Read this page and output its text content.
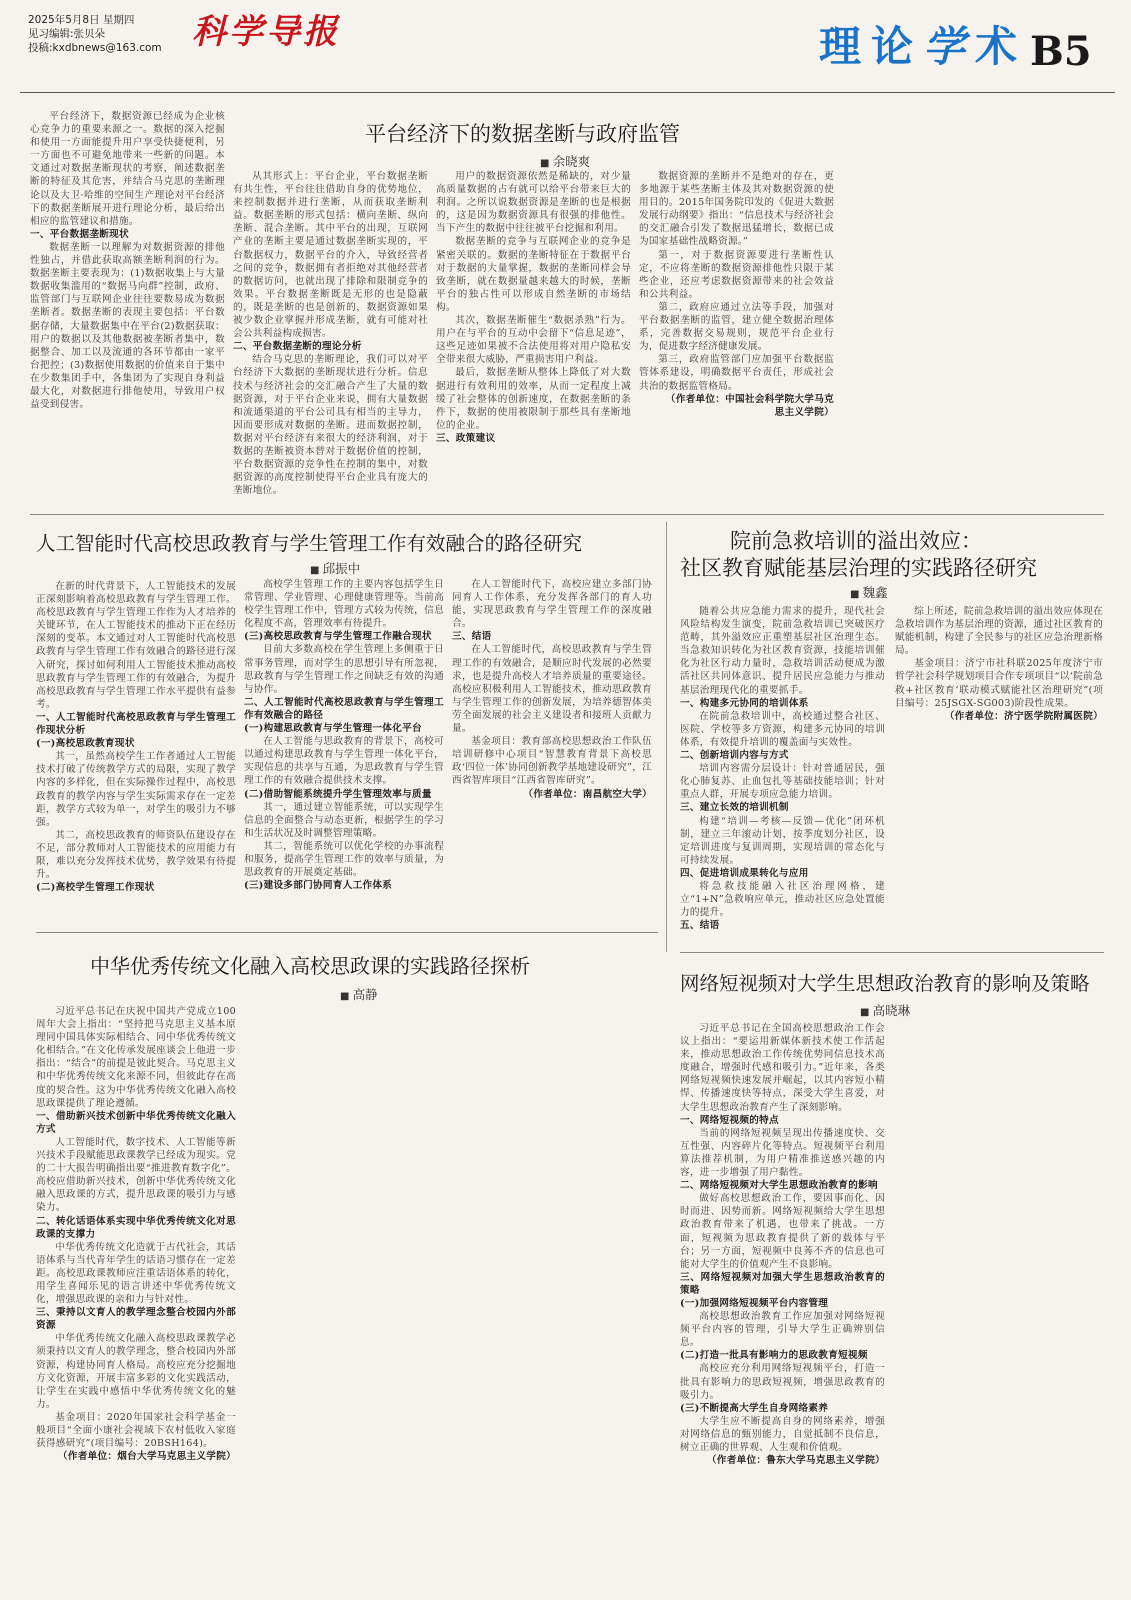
2025年5月8日 星期四
见习编辑:张贝朵
投稿:kxdbnews@163.com 科学导报	理 论 学 术 B5
平台经济下的数据垄断与政府监管
■ 余晓爽

平台经济下，数据资源已经成为企业核心竞争力的重要来源之一。数据的深入挖掘和使用一方面能提升用户享受快捷便利，另一方面也不可避免地带来一些新的问题。本文通过对数据垄断现状的考察，阐述数据垄断的特征及其危害，并结合马克思的垄断理论以及大卫·哈维的空间生产理论对平台经济下的数据垄断展开进行理论分析，最后给出相应的监管建议和措施。

一、平台数据垄断现状

数据垄断一以理解为对数据资源的排他性独占，并借此获取高额垄断利润的行为。数据垄断主要表现为：(1)数据收集上与大量数据收集滥用的“数据马向群”控制，政府、监管部门与互联网企业往往要数易成为数据垄断者。数据垄断的表现主要包括：平台数据存储，大量数据集中在平台(2)数据获取：用户的数据以及其他数据被垄断者集中，数据整合、加工以及流通的各环节都由一家平台把控；(3)数据使用数据的价值来自于集中在少数集团手中，各集团为了实现自身利益最大化，对数据进行排他使用，导致用户权益受到侵害。

从其形式上：平台企业，平台数据垄断有共生性，平台往往借助自身的优势地位，来控制数据并进行垄断，从而获取垄断利益。数据垄断的形式包括：横向垄断、纵向垄断、混合垄断。其中平台的出现，互联网产业的垄断主要是通过数据垄断实现的，平台数据权力，数据平台的介入，导致经营者之间的竞争，数据拥有者拒绝对其他经营者的数据访问，也就出现了排除和限制竞争的效果。平台数据垄断既是无形的也是隐蔽的，既是垄断的也是创新的，数据资源如果被少数企业掌握并形成垄断，就有可能对社会公共利益构成损害。

二、平台数据垄断的理论分析

结合马克思的垄断理论，我们可以对平台经济下大数据的垄断现状进行分析。信息技术与经济社会的交汇融合产生了大量的数据资源，对于平台企业来说，拥有大量数据和流通渠道的平台公司具有相当的主导力，因而要形成对数据的垄断。进而数据控制，数据对平台经济有来很大的经济利润，对于数据的垄断被资本替对于数据价值的控制，平台数据资源的竞争性在控制的集中，对数据资源的高度控制使得平台企业具有庞大的垄断地位。

用户的数据资源依然是稀缺的，对少量高质量数据的占有就可以给平台带来巨大的利润。之所以说数据资源是垄断的也是根据的，这是因为数据资源具有很强的排他性。当下产生的数据中往往被平台挖掘和利用。

数据垄断的竞争与互联网企业的竞争是紧密关联的。数据的垄断特征在于数据平台对于数据的大量掌握，数据的垄断同样会导致垄断，就在数据量越来越大的时候，垄断平台的独占性可以形成自然垄断的市场结构。

其次，数据垄断催生“数据杀熟”行为。用户在与平台的互动中会留下“信息足迹”，这些足迹如果被不合法使用将对用户隐私安全带来很大威胁，严重损害用户利益。

最后，数据垄断从整体上降低了对大数据进行有效利用的效率，从而一定程度上减缓了社会整体的创新速度，在数据垄断的条件下，数据的使用被限制于那些具有垄断地位的企业。

三、政策建议

数据资源的垄断并不是绝对的存在，更多地源于某些垄断主体及其对数据资源的使用目的。2015年国务院印发的《促进大数据发展行动纲要》指出：“信息技术与经济社会的交汇融合引发了数据迅猛增长，数据已成为国家基础性战略资源。”

第一，对于数据资源要进行垄断性认定，不应将垄断的数据资源排他性只限于某些企业，还应考虑数据资源带来的社会效益和公共利益。

第二，政府应通过立法等手段，加强对平台数据垄断的监管，建立健全数据治理体系，完善数据交易规则，规范平台企业行为，促进数字经济健康发展。

第三，政府监管部门应加强平台数据监管体系建设，明确数据平台责任，形成社会共治的数据监管格局。

（作者单位：中国社会科学院大学马克思主义学院）

人工智能时代高校思政教育与学生管理工作有效融合的路径研究
■ 邱振中

在新的时代背景下，人工智能技术的发展正深刻影响着高校思政教育与学生管理工作。高校思政教育与学生管理工作作为人才培养的关键环节，在人工智能技术的推动下正在经历深刻的变革。本文通过对人工智能时代高校思政教育与学生管理工作有效融合的路径进行深入研究，探讨如何利用人工智能技术推动高校思政教育与学生管理工作的有效融合，为提升高校思政教育与学生管理工作水平提供有益参考。

一、人工智能时代高校思政教育与学生管理工作现状分析

(一)高校思政教育现状

其一，虽然高校学生工作者通过人工智能技术打破了传统教学方式的局限，实现了教学内容的多样化，但在实际操作过程中，高校思政教育的教学内容与学生实际需求存在一定差距，教学方式较为单一，对学生的吸引力不够强。

其二，高校思政教育的师资队伍建设存在不足，部分教师对人工智能技术的应用能力有限，难以充分发挥技术优势，教学效果有待提升。

(二)高校学生管理工作现状

高校学生管理工作的主要内容包括学生日常管理、学业管理、心理健康管理等。当前高校学生管理工作中，管理方式较为传统，信息化程度不高，管理效率有待提升。

(三)高校思政教育与学生管理工作融合现状

目前大多数高校在学生管理上多侧重于日常事务管理，而对学生的思想引导有所忽视，思政教育与学生管理工作之间缺乏有效的沟通与协作。

二、人工智能时代高校思政教育与学生管理工作有效融合的路径

(一)构建思政教育与学生管理一体化平台

在人工智能与思政教育的背景下，高校可以通过构建思政教育与学生管理一体化平台，实现信息的共享与互通，为思政教育与学生管理工作的有效融合提供技术支撑。

(二)借助智能系统提升学生管理效率与质量

其一，通过建立智能系统，可以实现学生信息的全面整合与动态更新，根据学生的学习和生活状况及时调整管理策略。

其二，智能系统可以优化学校的办事流程和服务，提高学生管理工作的效率与质量，为思政教育的开展奠定基础。

(三)建设多部门协同育人工作体系

在人工智能时代下，高校应建立多部门协同育人工作体系，充分发挥各部门的育人功能，实现思政教育与学生管理工作的深度融合。

三、结语

在人工智能时代，高校思政教育与学生管理工作的有效融合，是顺应时代发展的必然要求，也是提升高校人才培养质量的重要途径。高校应积极利用人工智能技术，推动思政教育与学生管理工作的创新发展，为培养德智体美劳全面发展的社会主义建设者和接班人贡献力量。

基金项目：教育部高校思想政治工作队伍培训研修中心项目“智慧教育背景下高校思政‘四位一体’协同创新教学基地建设研究”，江西省智库项目“江西省智库研究”。

（作者单位：南昌航空大学）

院前急救培训的溢出效应：
社区教育赋能基层治理的实践路径研究
■ 魏鑫

随着公共应急能力需求的提升，现代社会风险结构发生演变，院前急救培训已突破医疗范畴，其外溢效应正重塑基层社区治理生态。当急救知识转化为社区教育资源，技能培训催化为社区行动力量时，急救培训活动便成为激活社区共同体意识、提升居民应急能力与推动基层治理现代化的重要抓手。

一、构建多元协同的培训体系

在院前急救培训中，高校通过整合社区、医院、学校等多方资源，构建多元协同的培训体系，有效提升培训的覆盖面与实效性。

二、创新培训内容与方式

培训内容需分层设计：针对普通居民，强化心肺复苏、止血包扎等基础技能培训；针对重点人群，开展专项应急能力培训。

三、建立长效的培训机制

构建“培训—考核—反馈—优化”闭环机制，建立三年滚动计划，按季度划分社区，设定培训进度与复训周期，实现培训的常态化与可持续发展。

四、促进培训成果转化与应用

将急救技能融入社区治理网格，建立“1+N”急救响应单元，推动社区应急处置能力的提升。

五、结语

综上所述，院前急救培训的溢出效应体现在急救培训作为基层治理的资源，通过社区教育的赋能机制，构建了全民参与的社区应急治理新格局。

基金项目：济宁市社科联2025年度济宁市哲学社会科学规划项目合作专项项目“以‘院前急救+社区教育’联动模式赋能社区治理研究”(项目编号：25JSGX-SG003)阶段性成果。

（作者单位：济宁医学院附属医院）

中华优秀传统文化融入高校思政课的实践路径探析
■ 高静

习近平总书记在庆祝中国共产党成立100周年大会上指出：“坚持把马克思主义基本原理同中国具体实际相结合、同中华优秀传统文化相结合。”在文化传承发展座谈会上他进一步指出：“结合”的前提是彼此契合。马克思主义和中华优秀传统文化来源不同，但彼此存在高度的契合性。这为中华优秀传统文化融入高校思政课提供了理论遵循。

一、借助新兴技术创新中华优秀传统文化融入方式

人工智能时代，数字技术、人工智能等新兴技术手段赋能思政课教学已经成为现实。党的二十大报告明确指出要“推进教育数字化”。高校应借助新兴技术，创新中华优秀传统文化融入思政课的方式，提升思政课的吸引力与感染力。

二、转化话语体系实现中华优秀传统文化对思政课的支撑力

中华优秀传统文化造就于古代社会，其话语体系与当代青年学生的话语习惯存在一定差距。高校思政课教师应注重话语体系的转化，用学生喜闻乐见的语言讲述中华优秀传统文化，增强思政课的亲和力与针对性。

三、秉持以文育人的教学理念整合校园内外部资源

中华优秀传统文化融入高校思政课教学必须秉持以文育人的教学理念，整合校园内外部资源，构建协同育人格局。高校应充分挖掘地方文化资源，开展丰富多彩的文化实践活动，让学生在实践中感悟中华优秀传统文化的魅力。

基金项目：2020年国家社会科学基金一般项目“全面小康社会视域下农村低收入家庭获得感研究”(项目编号：20BSH164)。

（作者单位：烟台大学马克思主义学院）

网络短视频对大学生思想政治教育的影响及策略
■ 高晓琳

习近平总书记在全国高校思想政治工作会议上指出：“要运用新媒体新技术使工作活起来，推动思想政治工作传统优势同信息技术高度融合，增强时代感和吸引力。”近年来，各类网络短视频快速发展并崛起，以其内容短小精悍、传播速度快等特点，深受大学生喜爱，对大学生思想政治教育产生了深刻影响。

一、网络短视频的特点

当前的网络短视频呈现出传播速度快、交互性强、内容碎片化等特点。短视频平台利用算法推荐机制，为用户精准推送感兴趣的内容，进一步增强了用户黏性。

二、网络短视频对大学生思想政治教育的影响

做好高校思想政治工作，要因事而化、因时而进、因势而新。网络短视频给大学生思想政治教育带来了机遇，也带来了挑战。一方面，短视频为思政教育提供了新的载体与平台；另一方面，短视频中良莠不齐的信息也可能对大学生的价值观产生不良影响。

三、网络短视频对加强大学生思想政治教育的策略

(一)加强网络短视频平台内容管理

高校思想政治教育工作应加强对网络短视频平台内容的管理，引导大学生正确辨别信息。

(二)打造一批具有影响力的思政教育短视频

高校应充分利用网络短视频平台，打造一批具有影响力的思政短视频，增强思政教育的吸引力。

(三)不断提高大学生自身网络素养

大学生应不断提高自身的网络素养，增强对网络信息的甄别能力，自觉抵制不良信息，树立正确的世界观、人生观和价值观。

（作者单位：鲁东大学马克思主义学院）
